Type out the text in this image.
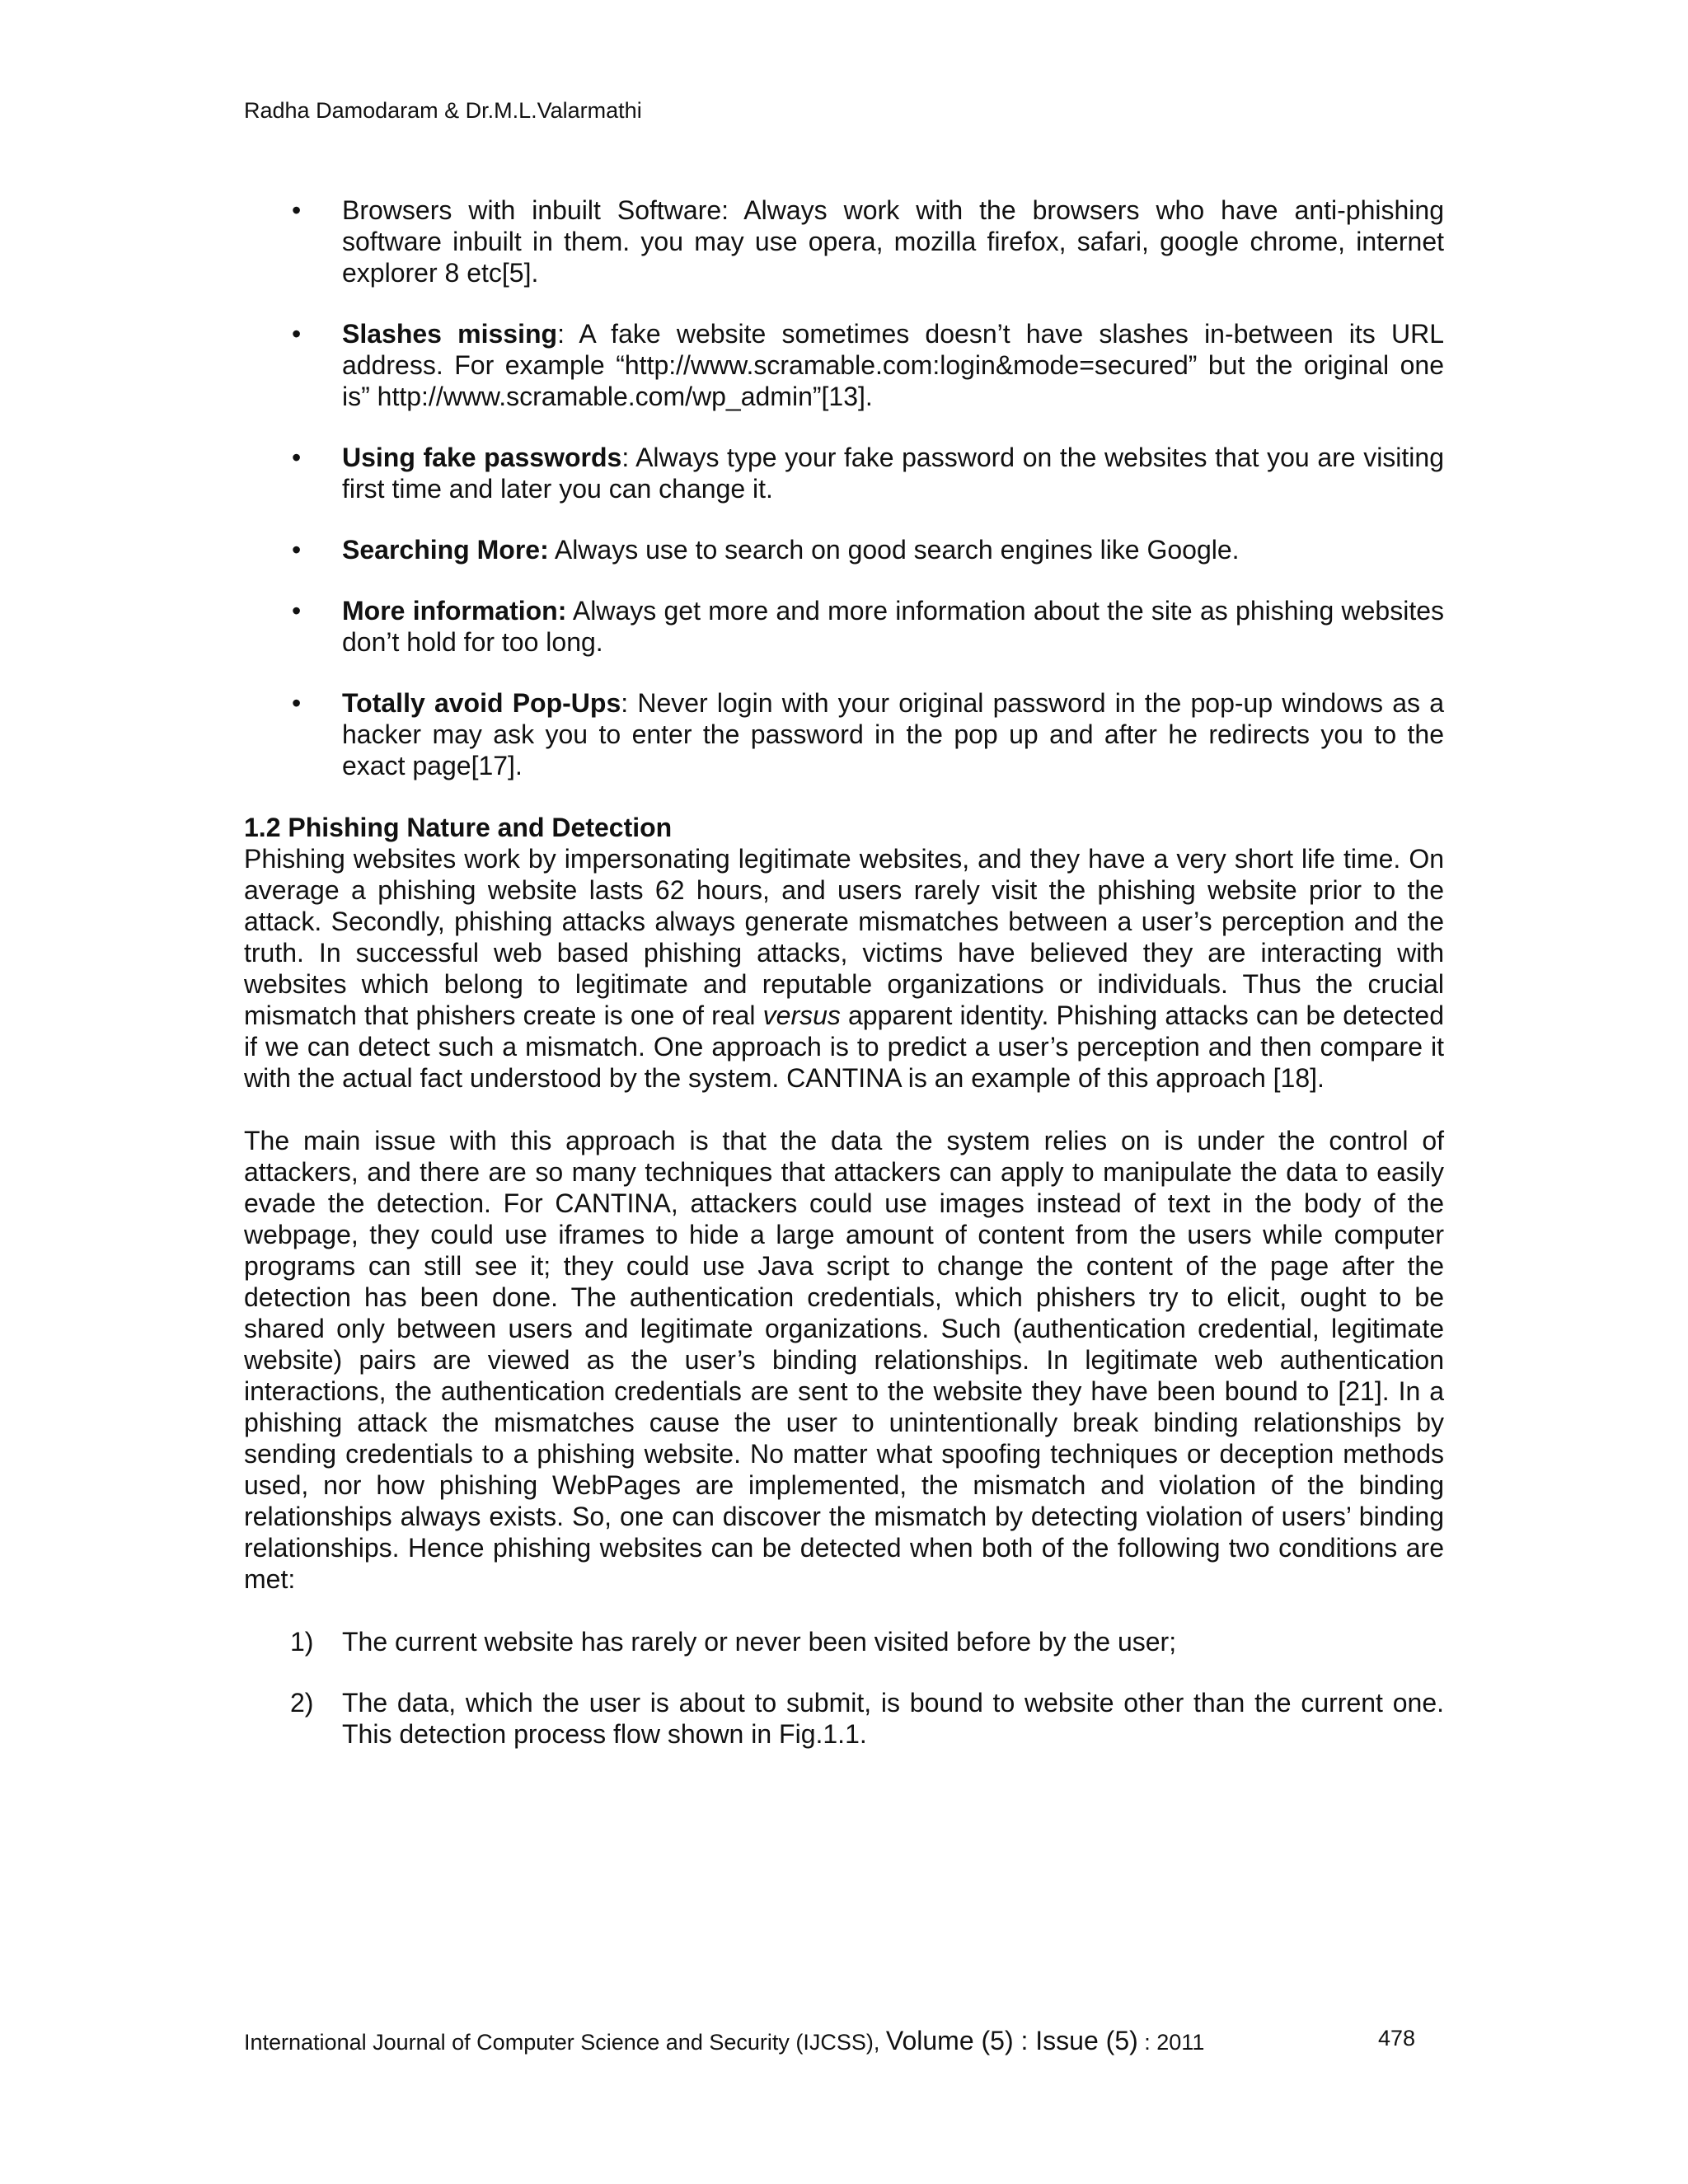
Radha Damodaram & Dr.M.L.Valarmathi
• Browsers with inbuilt Software: Always work with the browsers who have anti-phishing software inbuilt in them. you may use opera, mozilla firefox, safari, google chrome, internet explorer 8 etc[5].
• Slashes missing: A fake website sometimes doesn’t have slashes in-between its URL address. For example “http://www.scramable.com:login&mode=secured” but the original one is” http://www.scramable.com/wp_admin”[13].
• Using fake passwords: Always type your fake password on the websites that you are visiting first time and later you can change it.
• Searching More: Always use to search on good search engines like Google.
• More information: Always get more and more information about the site as phishing websites don’t hold for too long.
• Totally avoid Pop-Ups: Never login with your original password in the pop-up windows as a hacker may ask you to enter the password in the pop up and after he redirects you to the exact page[17].
1.2 Phishing Nature and Detection

Phishing websites work by impersonating legitimate websites, and they have a very short life time. On average a phishing website lasts 62 hours, and users rarely visit the phishing website prior to the attack. Secondly, phishing attacks always generate mismatches between a user’s perception and the truth. In successful web based phishing attacks, victims have believed they are interacting with websites which belong to legitimate and reputable organizations or individuals. Thus the crucial mismatch that phishers create is one of real versus apparent identity. Phishing attacks can be detected if we can detect such a mismatch. One approach is to predict a user’s perception and then compare it with the actual fact understood by the system. CANTINA is an example of this approach [18].

The main issue with this approach is that the data the system relies on is under the control of attackers, and there are so many techniques that attackers can apply to manipulate the data to easily evade the detection. For CANTINA, attackers could use images instead of text in the body of the webpage, they could use iframes to hide a large amount of content from the users while computer programs can still see it; they could use Java script to change the content of the page after the detection has been done. The authentication credentials, which phishers try to elicit, ought to be shared only between users and legitimate organizations. Such (authentication credential, legitimate website) pairs are viewed as the user’s binding relationships. In legitimate web authentication interactions, the authentication credentials are sent to the website they have been bound to [21]. In a phishing attack the mismatches cause the user to unintentionally break binding relationships by sending credentials to a phishing website. No matter what spoofing techniques or deception methods used, nor how phishing WebPages are implemented, the mismatch and violation of the binding relationships always exists. So, one can discover the mismatch by detecting violation of users’ binding relationships. Hence phishing websites can be detected when both of the following two conditions are met:

1) The current website has rarely or never been visited before by the user;
2) The data, which the user is about to submit, is bound to website other than the current one. This detection process flow shown in Fig.1.1.
International Journal of Computer Science and Security (IJCSS), Volume (5) : Issue (5) : 2011	478
